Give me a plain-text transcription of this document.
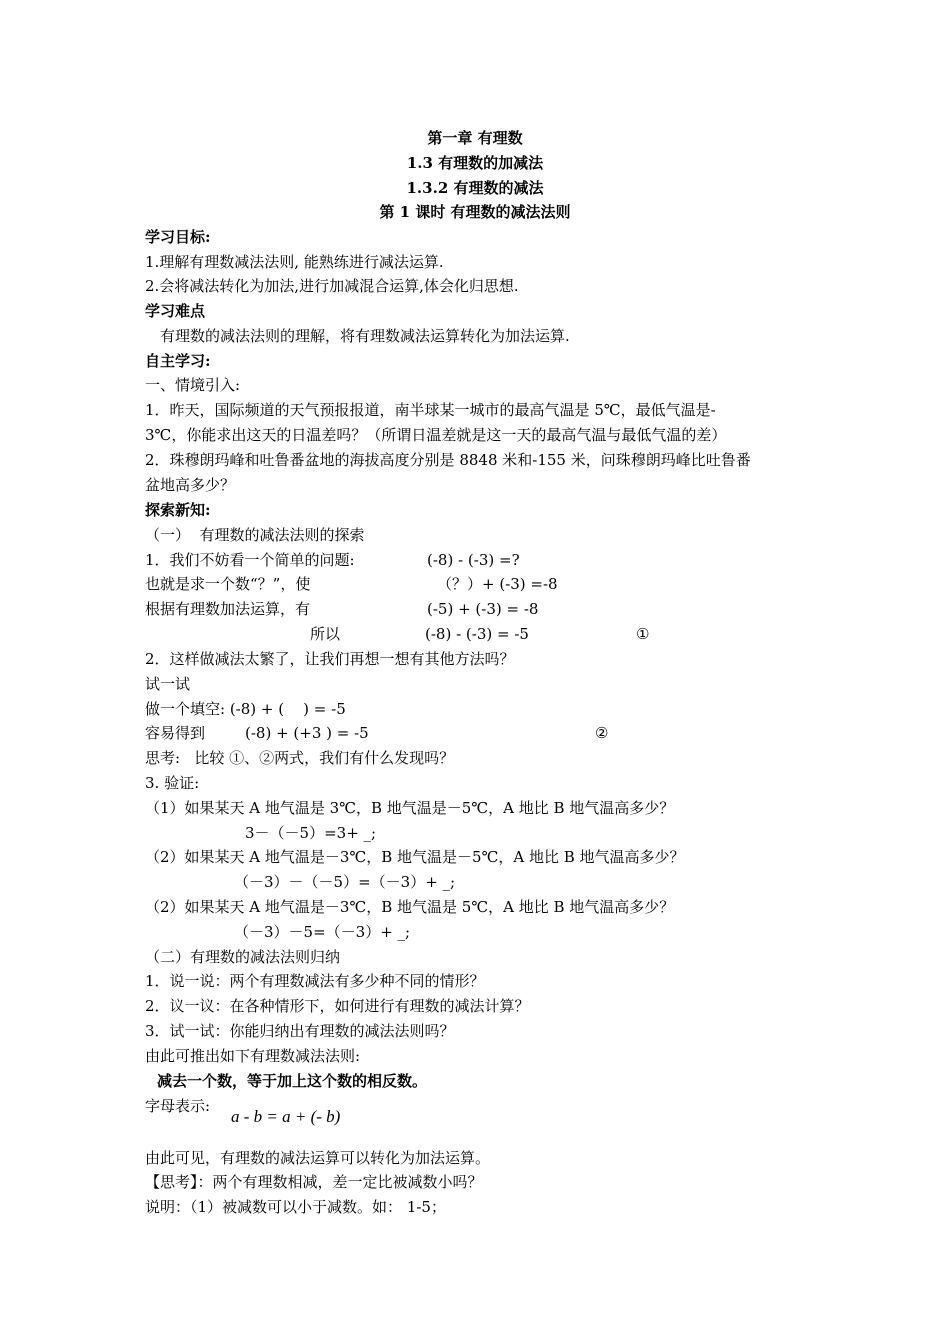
第一章 有理数
1.3 有理数的加减法
1.3.2 有理数的减法
第 1 课时 有理数的减法法则
学习目标:
1.理解有理数减法法则, 能熟练进行减法运算.
2.会将减法转化为加法,进行加减混合运算,体会化归思想.
学习难点
有理数的减法法则的理解，将有理数减法运算转化为加法运算.
自主学习:
一、情境引入:
1．昨天，国际频道的天气预报报道，南半球某一城市的最高气温是 5℃，最低气温是-
3℃，你能求出这天的日温差吗？（所谓日温差就是这一天的最高气温与最低气温的差）
2．珠穆朗玛峰和吐鲁番盆地的海拔高度分别是 8848 米和-155 米，问珠穆朗玛峰比吐鲁番
盆地高多少？
探索新知:
（一）  有理数的减法法则的探索
1．我们不妨看一个简单的问题:	(-8) - (-3) =?
也就是求一个数“？”，使	（？）+ (-3) =-8
根据有理数加法运算，有	(-5) + (-3) = -8
所以	(-8) - (-3) = -5	①
2．这样做减法太繁了，让我们再想一想有其他方法吗？
试一试
做一个填空: (-8) + (    ) = -5
容易得到	(-8) + (+3 ) = -5	②
思考:   比较 ①、②两式，我们有什么发现吗？
3. 验证:
（1）如果某天 A 地气温是 3℃，B 地气温是－5℃，A 地比 B 地气温高多少？
3－（－5）=3+ _;
（2）如果某天 A 地气温是－3℃，B 地气温是－5℃，A 地比 B 地气温高多少？
（－3）－（－5）=（－3）+ _;
（2）如果某天 A 地气温是－3℃，B 地气温是 5℃，A 地比 B 地气温高多少？
（－3）－5=（－3）+ _;
（二）有理数的减法法则归纳
1．说一说：两个有理数减法有多少种不同的情形？
2．议一议：在各种情形下，如何进行有理数的减法计算？
3．试一试：你能归纳出有理数的减法法则吗？
由此可推出如下有理数减法法则:
减去一个数，等于加上这个数的相反数。
字母表示:
a - b = a + (- b)
由此可见，有理数的减法运算可以转化为加法运算。
【思考】：两个有理数相减，差一定比被减数小吗？
说明：（1）被减数可以小于减数。如： 1-5；
